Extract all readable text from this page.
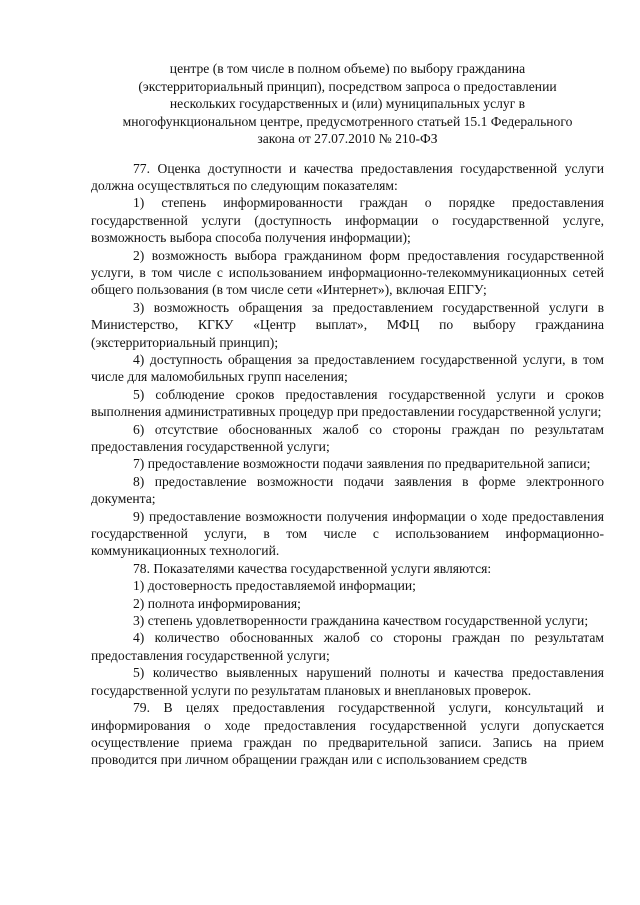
центре (в том числе в полном объеме) по выбору гражданина
(экстерриториальный принцип), посредством запроса о предоставлении
нескольких государственных и (или) муниципальных услуг в
многофункциональном центре, предусмотренного статьей 15.1 Федерального
закона от 27.07.2010 № 210-ФЗ

77. Оценка доступности и качества предоставления государственной услуги должна осуществляться по следующим показателям:

1) степень информированности граждан о порядке предоставления государственной услуги (доступность информации о государственной услуге, возможность выбора способа получения информации);

2) возможность выбора гражданином форм предоставления государственной услуги, в том числе с использованием информационно-телекоммуникационных сетей общего пользования (в том числе сети «Интернет»), включая ЕПГУ;

3) возможность обращения за предоставлением государственной услуги в Министерство, КГКУ «Центр выплат», МФЦ по выбору гражданина (экстерриториальный принцип);

4) доступность обращения за предоставлением государственной услуги, в том числе для маломобильных групп населения;

5) соблюдение сроков предоставления государственной услуги и сроков выполнения административных процедур при предоставлении государственной услуги;

6) отсутствие обоснованных жалоб со стороны граждан по результатам предоставления государственной услуги;

7) предоставление возможности подачи заявления по предварительной записи;

8) предоставление возможности подачи заявления в форме электронного документа;

9) предоставление возможности получения информации о ходе предоставления государственной услуги, в том числе с использованием информационно-коммуникационных технологий.

78. Показателями качества государственной услуги являются:

1) достоверность предоставляемой информации;

2) полнота информирования;

3) степень удовлетворенности гражданина качеством государственной услуги;

4) количество обоснованных жалоб со стороны граждан по результатам предоставления государственной услуги;

5) количество выявленных нарушений полноты и качества предоставления государственной услуги по результатам плановых и внеплановых проверок.

79. В целях предоставления государственной услуги, консультаций и информирования о ходе предоставления государственной услуги допускается осуществление приема граждан по предварительной записи. Запись на прием проводится при личном обращении граждан или с использованием средств
